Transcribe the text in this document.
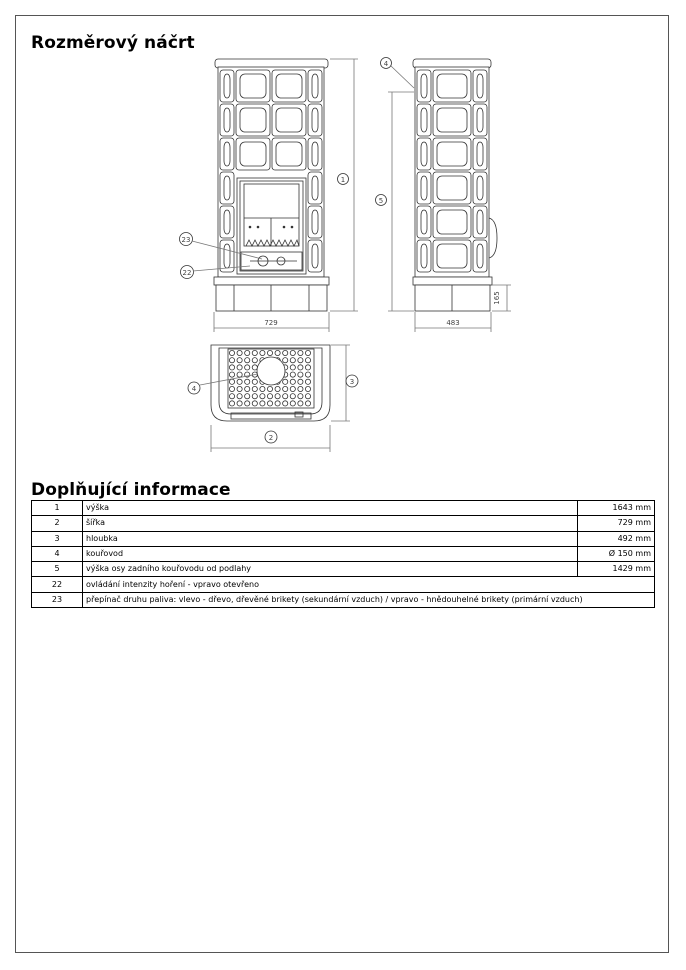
Rozměrový náčrt
729	483
165
1
5
4
23
22
3
2
4
Doplňující informace
1	výška	1643 mm
2	šířka	729 mm
3	hloubka	492 mm
4	kouřovod	Ø 150 mm
5	výška osy zadního kouřovodu od podlahy	1429 mm
22	ovládání intenzity hoření - vpravo otevřeno	
23	přepínač druhu paliva: vlevo - dřevo, dřevěné brikety (sekundární vzduch) / vpravo - hnědouhelné brikety (primární vzduch)	
